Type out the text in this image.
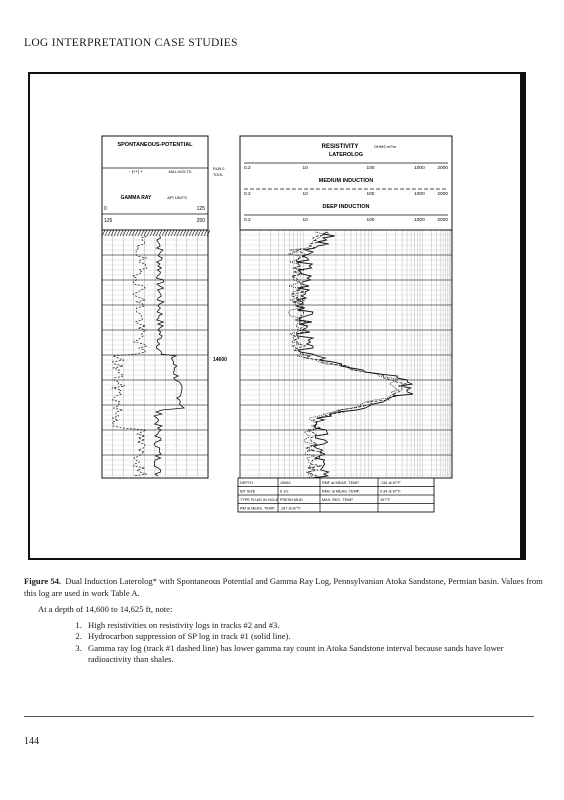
LOG INTERPRETATION CASE STUDIES
SPONTANEOUS-POTENTIAL
- |++| +	MILLIVOLTS
GAMMA RAY	API UNITS
0	125
125	250
RUN 0
TOOL
RESISTIVITY	OHMS m²/m
LATEROLOG
0.2	10	100	1000	2000
MEDIUM INDUCTION
0.2	10	100	1000	2000
DEEP INDUCTION
0.2	10	100	1000	2000
14600
DEPTH	15962	RMF at MEAS. TEMP.	.134 at 87°F
BIT SIZE	6 1/2	RMC at MEAS. TEMP.	0.34 at 87°F
TYPE FLUID IN HOLE FRESH MUD	MAX. REC. TEMP.	197°F
RM at MEAS. TEMP. .167 at 87°F
Figure 54. Dual Induction Laterolog* with Spontaneous Potential and Gamma Ray Log, Pennsylvanian Atoka Sandstone, Permian basin. Values from this log are used in work Table A.
At a depth of 14,600 to 14,625 ft, note:
1. High resistivities on resistivity logs in tracks #2 and #3.
2. Hydrocarbon suppression of SP log in track #1 (solid line).
3. Gamma ray log (track #1 dashed line) has lower gamma ray count in Atoka Sandstone interval because sands have lower radioactivity than shales.
144
